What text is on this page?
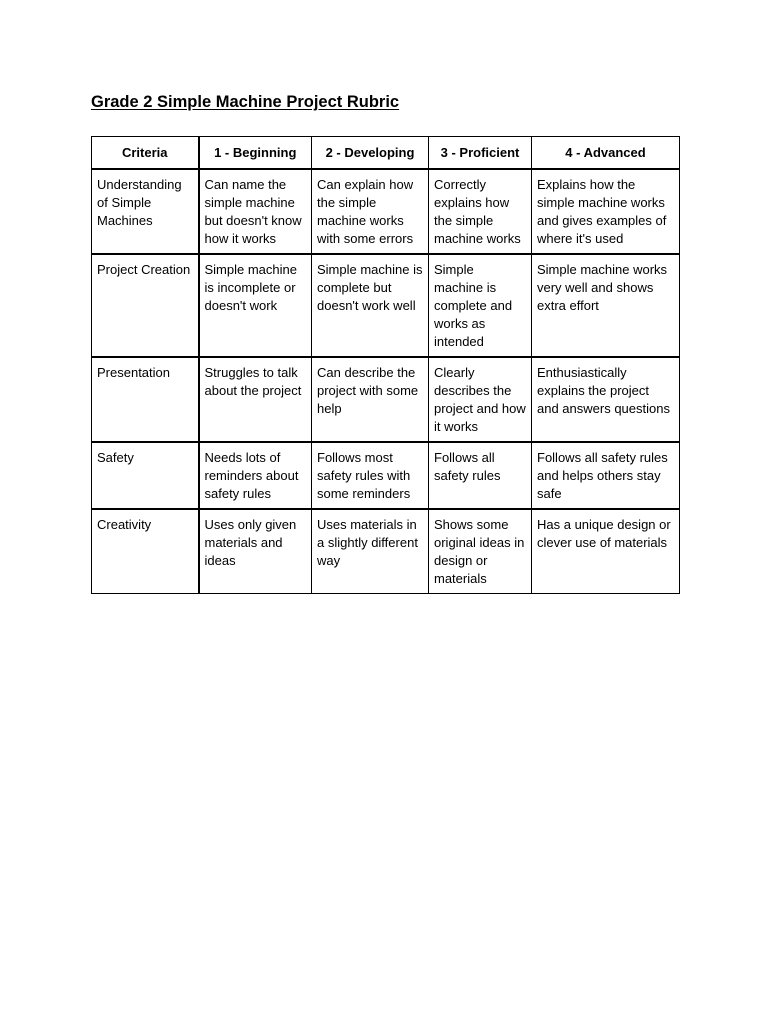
Grade 2 Simple Machine Project Rubric
Criteria	1 - Beginning	2 - Developing	3 - Proficient	4 - Advanced
Understanding of Simple Machines	Can name the simple machine but doesn't know how it works	Can explain how the simple machine works with some errors	Correctly explains how the simple machine works	Explains how the simple machine works and gives examples of where it's used
Project Creation	Simple machine is incomplete or doesn't work	Simple machine is complete but doesn't work well	Simple machine is complete and works as intended	Simple machine works very well and shows extra effort
Presentation	Struggles to talk about the project	Can describe the project with some help	Clearly describes the project and how it works	Enthusiastically explains the project and answers questions
Safety	Needs lots of reminders about safety rules	Follows most safety rules with some reminders	Follows all safety rules	Follows all safety rules and helps others stay safe
Creativity	Uses only given materials and ideas	Uses materials in a slightly different way	Shows some original ideas in design or materials	Has a unique design or clever use of materials
